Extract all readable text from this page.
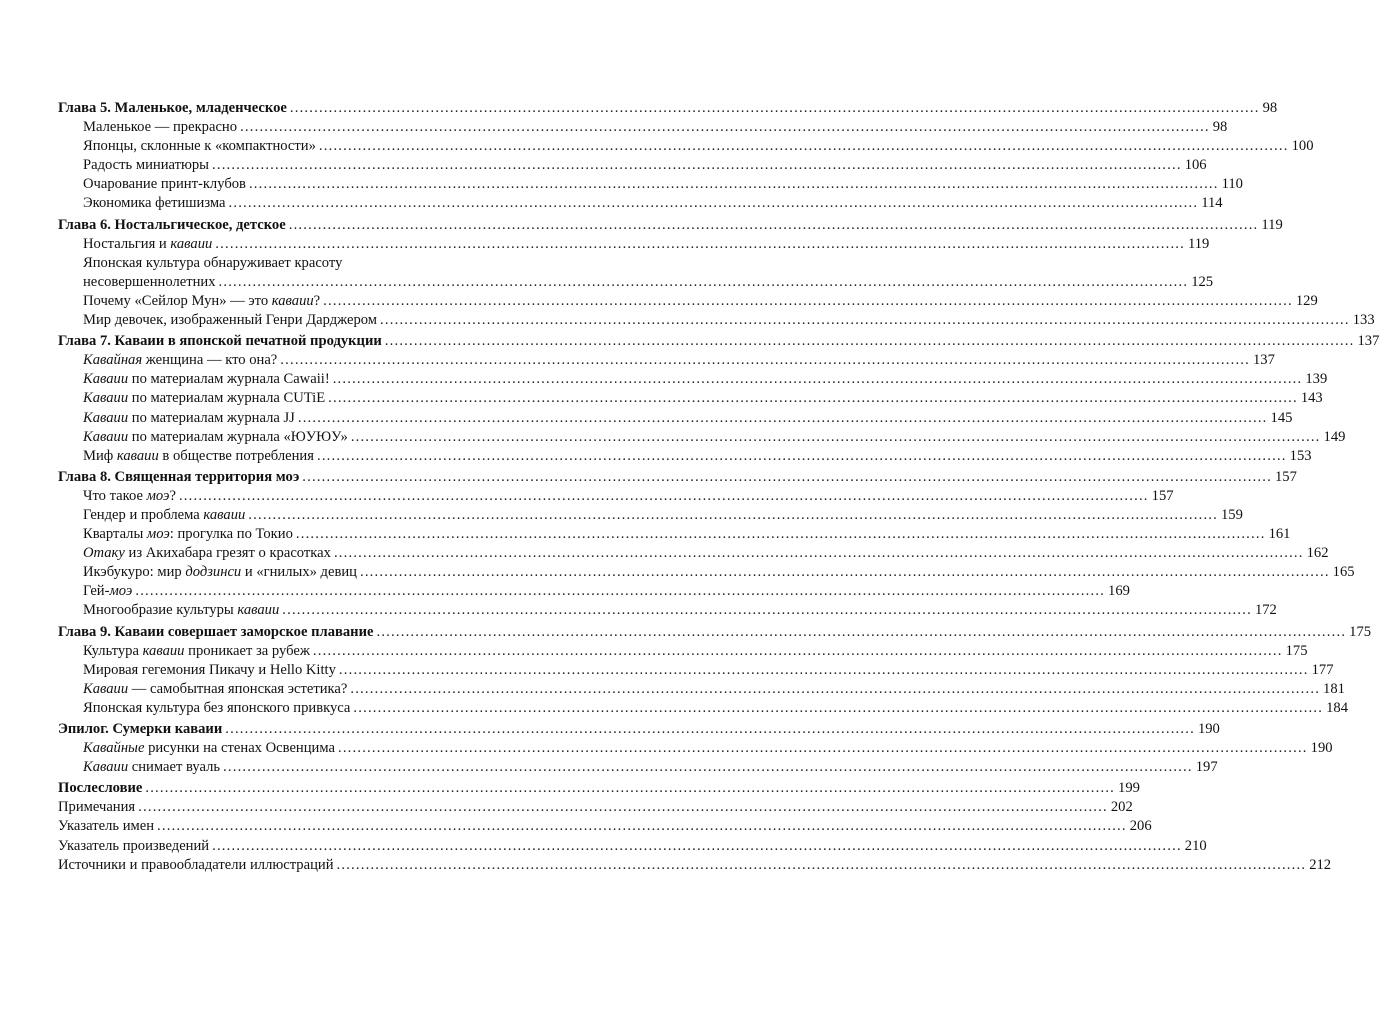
Глава 5. Маленькое, младенческое ........................................................................................................................................................................................................ 98
Маленькое — прекрасно ........................................................................................................................................................................................................ 98
Японцы, склонные к «компактности» ........................................................................................................................................................................................................ 100
Радость миниатюры ........................................................................................................................................................................................................ 106
Очарование принт-клубов ........................................................................................................................................................................................................ 110
Экономика фетишизма ........................................................................................................................................................................................................ 114
Глава 6. Ностальгическое, детское ........................................................................................................................................................................................................ 119
Ностальгия и каваии ........................................................................................................................................................................................................ 119
Японская культура обнаруживает красоту
несовершеннолетних ........................................................................................................................................................................................................ 125
Почему «Сейлор Мун» — это каваии? ........................................................................................................................................................................................................ 129
Мир девочек, изображенный Генри Дарджером ........................................................................................................................................................................................................ 133
Глава 7. Каваии в японской печатной продукции ........................................................................................................................................................................................................ 137
Кавайная женщина — кто она? ........................................................................................................................................................................................................ 137
Каваии по материалам журнала Cawaii! ........................................................................................................................................................................................................ 139
Каваии по материалам журнала CUTiE ........................................................................................................................................................................................................ 143
Каваии по материалам журнала JJ ........................................................................................................................................................................................................ 145
Каваии по материалам журнала «ЮУЮУ» ........................................................................................................................................................................................................ 149
Миф каваии в обществе потребления ........................................................................................................................................................................................................ 153
Глава 8. Священная территория моэ ........................................................................................................................................................................................................ 157
Что такое моэ? ........................................................................................................................................................................................................ 157
Гендер и проблема каваии ........................................................................................................................................................................................................ 159
Кварталы моэ: прогулка по Токио ........................................................................................................................................................................................................ 161
Отаку из Акихабара грезят о красотках ........................................................................................................................................................................................................ 162
Икэбукуро: мир додзинси и «гнилых» девиц ........................................................................................................................................................................................................ 165
Гей-моэ ........................................................................................................................................................................................................ 169
Многообразие культуры каваии ........................................................................................................................................................................................................ 172
Глава 9. Каваии совершает заморское плавание ........................................................................................................................................................................................................ 175
Культура каваии проникает за рубеж ........................................................................................................................................................................................................ 175
Мировая гегемония Пикачу и Hello Kitty ........................................................................................................................................................................................................ 177
Каваии — самобытная японская эстетика? ........................................................................................................................................................................................................ 181
Японская культура без японского привкуса ........................................................................................................................................................................................................ 184
Эпилог. Сумерки каваии ........................................................................................................................................................................................................ 190
Кавайные рисунки на стенах Освенцима ........................................................................................................................................................................................................ 190
Каваии снимает вуаль ........................................................................................................................................................................................................ 197
Послесловие ........................................................................................................................................................................................................ 199
Примечания ........................................................................................................................................................................................................ 202
Указатель имен ........................................................................................................................................................................................................ 206
Указатель произведений ........................................................................................................................................................................................................ 210
Источники и правообладатели иллюстраций ........................................................................................................................................................................................................ 212
